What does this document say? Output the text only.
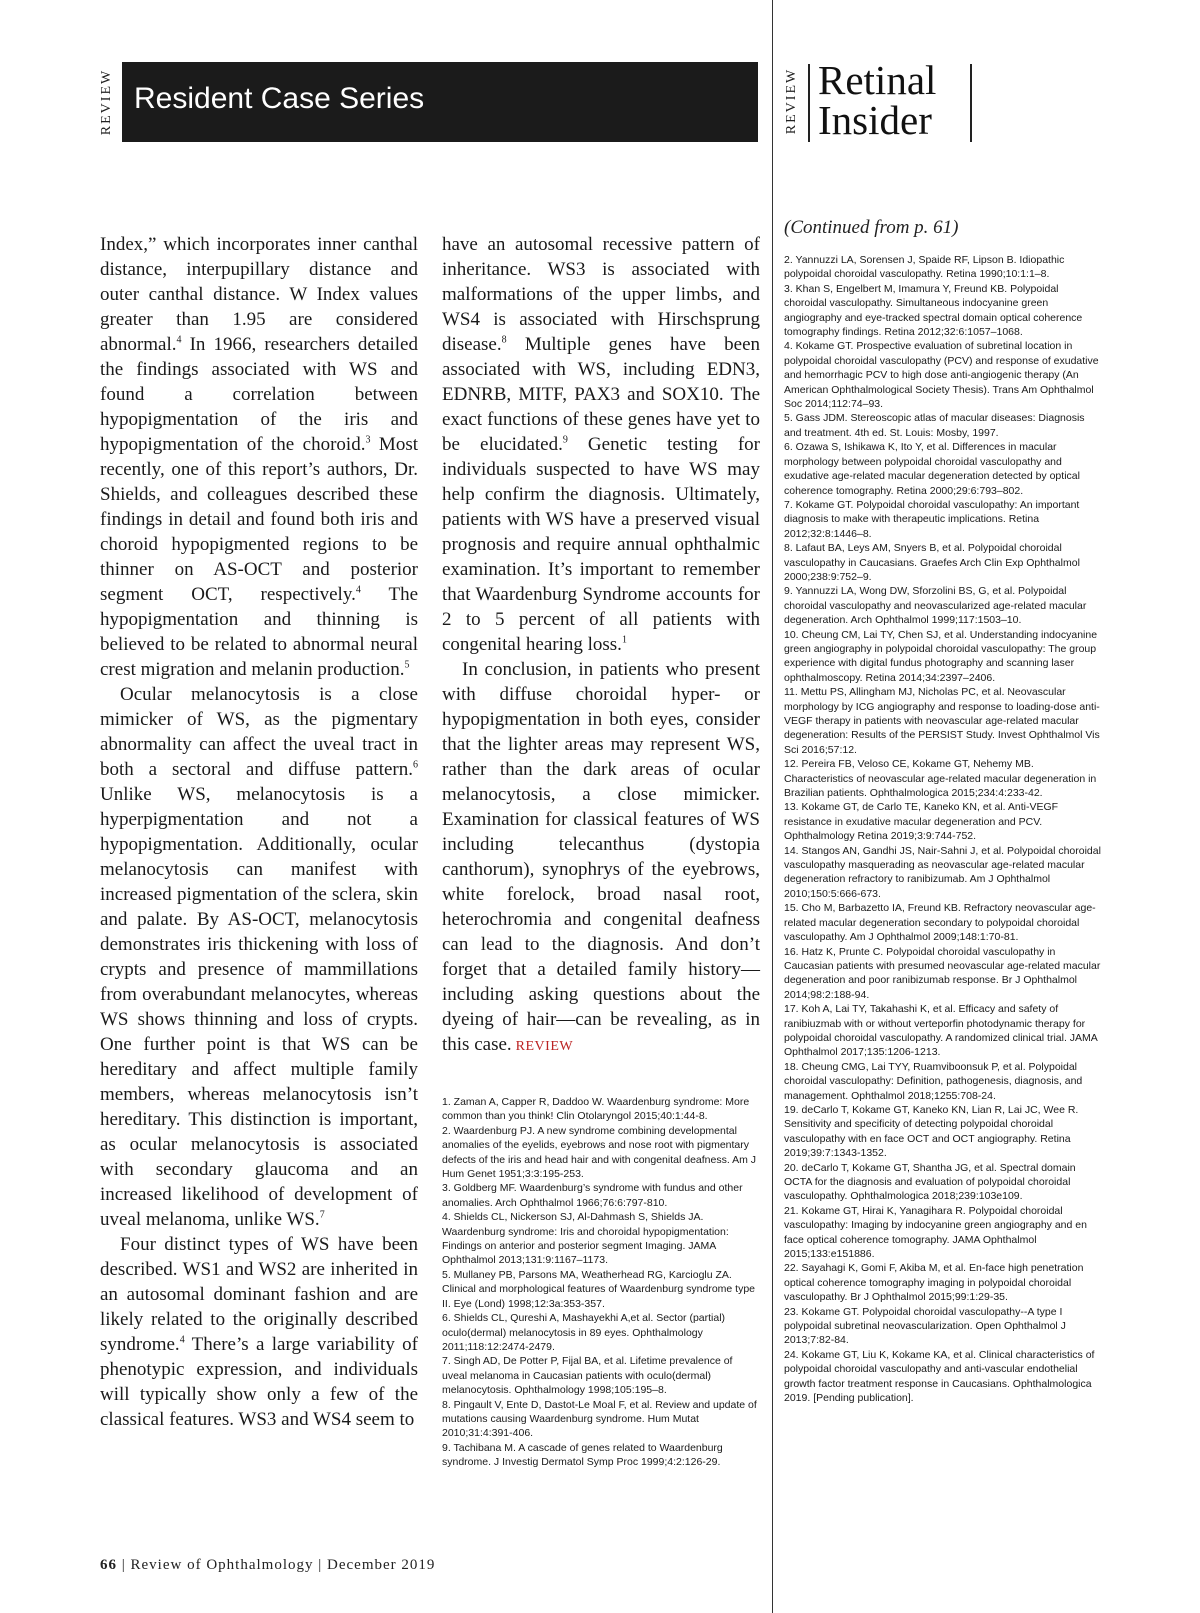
REVIEW Resident Case Series	REVIEW Retinal
Insider

Index,” which incorporates inner canthal distance, interpupillary distance and outer canthal distance. W Index values greater than 1.95 are considered abnormal.$^4$ In 1966, researchers detailed the findings associated with WS and found a correlation between hypopigmentation of the iris and hypopigmentation of the choroid.$^3$ Most recently, one of this report’s authors, Dr. Shields, and colleagues described these findings in detail and found both iris and choroid hypopigmented regions to be thinner on AS-OCT and posterior segment OCT, respectively.$^4$ The hypopigmentation and thinning is believed to be related to abnormal neural crest migration and melanin production.$^5$

Ocular melanocytosis is a close mimicker of WS, as the pigmentary abnormality can affect the uveal tract in both a sectoral and diffuse pattern.$^6$ Unlike WS, melanocytosis is a hyperpigmentation and not a hypopigmentation. Additionally, ocular melanocytosis can manifest with increased pigmentation of the sclera, skin and palate. By AS-OCT, melanocytosis demonstrates iris thickening with loss of crypts and presence of mammillations from overabundant melanocytes, whereas WS shows thinning and loss of crypts. One further point is that WS can be hereditary and affect multiple family members, whereas melanocytosis isn’t hereditary. This distinction is important, as ocular melanocytosis is associated with secondary glaucoma and an increased likelihood of development of uveal melanoma, unlike WS.$^7$

Four distinct types of WS have been described. WS1 and WS2 are inherited in an autosomal dominant fashion and are likely related to the originally described syndrome.$^4$ There’s a large variability of phenotypic expression, and individuals will typically show only a few of the classical features. WS3 and WS4 seem to

have an autosomal recessive pattern of inheritance. WS3 is associated with malformations of the upper limbs, and WS4 is associated with Hirschsprung disease.$^8$ Multiple genes have been associated with WS, including EDN3, EDNRB, MITF, PAX3 and SOX10. The exact functions of these genes have yet to be elucidated.$^9$ Genetic testing for individuals suspected to have WS may help confirm the diagnosis. Ultimately, patients with WS have a preserved visual prognosis and require annual ophthalmic examination. It’s important to remember that Waardenburg Syndrome accounts for 2 to 5 percent of all patients with congenital hearing loss.$^1$

In conclusion, in patients who present with diffuse choroidal hyper- or hypopigmentation in both eyes, consider that the lighter areas may represent WS, rather than the dark areas of ocular melanocytosis, a close mimicker. Examination for classical features of WS including telecanthus (dystopia canthorum), synophrys of the eyebrows, white forelock, broad nasal root, heterochromia and congenital deafness can lead to the diagnosis. And don’t forget that a detailed family history—including asking questions about the dyeing of hair—can be revealing, as in this case. REVIEW

1. Zaman A, Capper R, Daddoo W. Waardenburg syndrome: More common than you think! Clin Otolaryngol 2015;40:1:44-8.
2. Waardenburg PJ. A new syndrome combining developmental anomalies of the eyelids, eyebrows and nose root with pigmentary defects of the iris and head hair and with congenital deafness. Am J Hum Genet 1951;3:3:195-253.
3. Goldberg MF. Waardenburg’s syndrome with fundus and other anomalies. Arch Ophthalmol 1966;76:6:797-810.
4. Shields CL, Nickerson SJ, Al-Dahmash S, Shields JA. Waardenburg syndrome: Iris and choroidal hypopigmentation: Findings on anterior and posterior segment Imaging. JAMA Ophthalmol 2013;131:9:1167–1173.
5. Mullaney PB, Parsons MA, Weatherhead RG, Karcioglu ZA. Clinical and morphological features of Waardenburg syndrome type II. Eye (Lond) 1998;12:3a:353-357.
6. Shields CL, Qureshi A, Mashayekhi A,et al. Sector (partial) oculo(dermal) melanocytosis in 89 eyes. Ophthalmology 2011;118:12:2474-2479.
7. Singh AD, De Potter P, Fijal BA, et al. Lifetime prevalence of uveal melanoma in Caucasian patients with oculo(dermal) melanocytosis. Ophthalmology 1998;105:195–8.
8. Pingault V, Ente D, Dastot-Le Moal F, et al. Review and update of mutations causing Waardenburg syndrome. Hum Mutat 2010;31:4:391-406.
9. Tachibana M. A cascade of genes related to Waardenburg syndrome. J Investig Dermatol Symp Proc 1999;4:2:126-29.
(Continued from p. 61)
2. Yannuzzi LA, Sorensen J, Spaide RF, Lipson B. Idiopathic polypoidal choroidal vasculopathy. Retina 1990;10:1:1–8.
3. Khan S, Engelbert M, Imamura Y, Freund KB. Polypoidal choroidal vasculopathy. Simultaneous indocyanine green angiography and eye-tracked spectral domain optical coherence tomography findings. Retina 2012;32:6:1057–1068.
4. Kokame GT. Prospective evaluation of subretinal location in polypoidal choroidal vasculopathy (PCV) and response of exudative and hemorrhagic PCV to high dose anti-angiogenic therapy (An American Ophthalmological Society Thesis). Trans Am Ophthalmol Soc 2014;112:74–93.
5. Gass JDM. Stereoscopic atlas of macular diseases: Diagnosis and treatment. 4th ed. St. Louis: Mosby, 1997.
6. Ozawa S, Ishikawa K, Ito Y, et al. Differences in macular morphology between polypoidal choroidal vasculopathy and exudative age-related macular degeneration detected by optical coherence tomography. Retina 2000;29:6:793–802.
7. Kokame GT. Polypoidal choroidal vasculopathy: An important diagnosis to make with therapeutic implications. Retina 2012;32:8:1446–8.
8. Lafaut BA, Leys AM, Snyers B, et al. Polypoidal choroidal vasculopathy in Caucasians. Graefes Arch Clin Exp Ophthalmol 2000;238:9:752–9.
9. Yannuzzi LA, Wong DW, Sforzolini BS, G, et al. Polypoidal choroidal vasculopathy and neovascularized age-related macular degeneration. Arch Ophthalmol 1999;117:1503–10.
10. Cheung CM, Lai TY, Chen SJ, et al. Understanding indocyanine green angiography in polypoidal choroidal vasculopathy: The group experience with digital fundus photography and scanning laser ophthalmoscopy. Retina 2014;34:2397–2406.
11. Mettu PS, Allingham MJ, Nicholas PC, et al. Neovascular morphology by ICG angiography and response to loading-dose anti-VEGF therapy in patients with neovascular age-related macular degeneration: Results of the PERSIST Study. Invest Ophthalmol Vis Sci 2016;57:12.
12. Pereira FB, Veloso CE, Kokame GT, Nehemy MB. Characteristics of neovascular age-related macular degeneration in Brazilian patients. Ophthalmologica 2015;234:4:233-42.
13. Kokame GT, de Carlo TE, Kaneko KN, et al. Anti-VEGF resistance in exudative macular degeneration and PCV. Ophthalmology Retina 2019;3:9:744-752.
14. Stangos AN, Gandhi JS, Nair-Sahni J, et al. Polypoidal choroidal vasculopathy masquerading as neovascular age-related macular degeneration refractory to ranibizumab. Am J Ophthalmol 2010;150:5:666-673.
15. Cho M, Barbazetto IA, Freund KB. Refractory neovascular age-related macular degeneration secondary to polypoidal choroidal vasculopathy. Am J Ophthalmol 2009;148:1:70-81.
16. Hatz K, Prunte C. Polypoidal choroidal vasculopathy in Caucasian patients with presumed neovascular age-related macular degeneration and poor ranibizumab response. Br J Ophthalmol 2014;98:2:188-94.
17. Koh A, Lai TY, Takahashi K, et al. Efficacy and safety of ranibiuzmab with or without verteporfin photodynamic therapy for polypoidal choroidal vasculopathy. A randomized clinical trial. JAMA Ophthalmol 2017;135:1206-1213.
18. Cheung CMG, Lai TYY, Ruamviboonsuk P, et al. Polypoidal choroidal vasculopathy: Definition, pathogenesis, diagnosis, and management. Ophthalmol 2018;1255:708-24.
19. deCarlo T, Kokame GT, Kaneko KN, Lian R, Lai JC, Wee R. Sensitivity and specificity of detecting polypoidal choroidal vasculopathy with en face OCT and OCT angiography. Retina 2019;39:7:1343-1352.
20. deCarlo T, Kokame GT, Shantha JG, et al. Spectral domain OCTA for the diagnosis and evaluation of polypoidal choroidal vasculopathy. Ophthalmologica 2018;239:103e109.
21. Kokame GT, Hirai K, Yanagihara R. Polypoidal choroidal vasculopathy: Imaging by indocyanine green angiography and en face optical coherence tomography. JAMA Ophthalmol 2015;133:e151886.
22. Sayahagi K, Gomi F, Akiba M, et al. En-face high penetration optical coherence tomography imaging in polypoidal choroidal vasculopathy. Br J Ophthalmol 2015;99:1:29-35.
23. Kokame GT. Polypoidal choroidal vasculopathy--A type I polypoidal subretinal neovascularization. Open Ophthalmol J 2013;7:82-84.
24. Kokame GT, Liu K, Kokame KA, et al. Clinical characteristics of polypoidal choroidal vasculopathy and anti-vascular endothelial growth factor treatment response in Caucasians. Ophthalmologica 2019. [Pending publication].
66 | Review of Ophthalmology | December 2019
